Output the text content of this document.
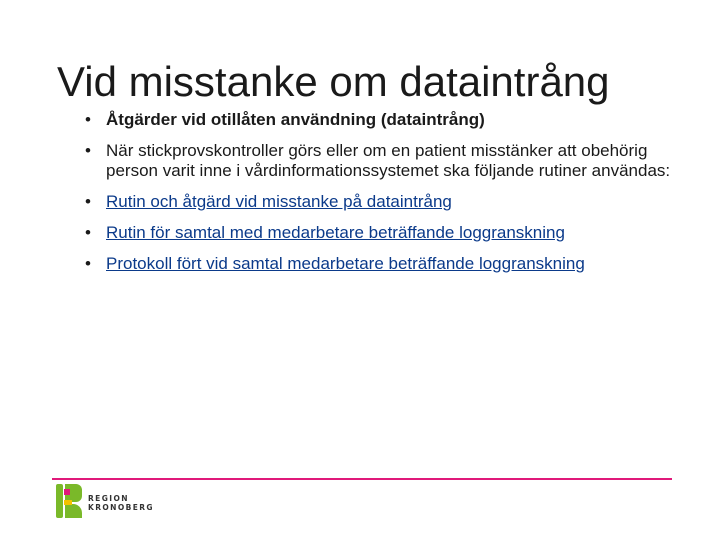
Vid misstanke om dataintrång
• Åtgärder vid otillåten användning (dataintrång)
• När stickprovskontroller görs eller om en patient misstänker att obehörig person varit inne i vårdinformationssystemet ska följande rutiner användas:
• Rutin och åtgärd vid misstanke på dataintrång
• Rutin för samtal med medarbetare beträffande loggranskning
• Protokoll fört vid samtal medarbetare beträffande loggranskning
REGION
KRONOBERG
